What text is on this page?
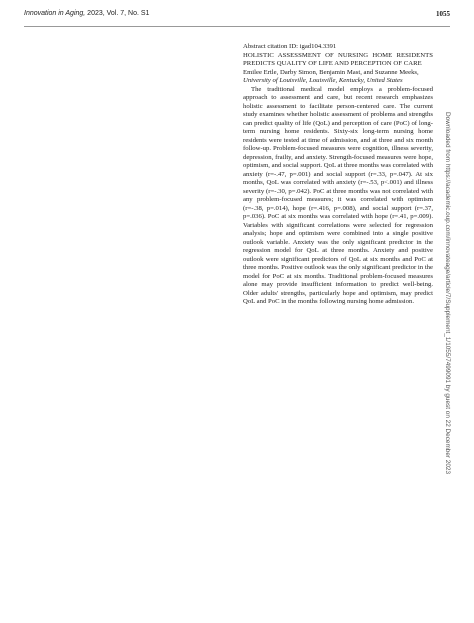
Innovation in Aging, 2023, Vol. 7, No. S1	1055

Abstract citation ID: igad104.3391

HOLISTIC ASSESSMENT OF NURSING HOME RESIDENTS PREDICTS QUALITY OF LIFE AND PERCEPTION OF CARE

Emilee Ertle, Darby Simon, Benjamin Mast, and Suzanne Meeks, University of Louisville, Louisville, Kentucky, United States

The traditional medical model employs a problem-focused approach to assessment and care, but recent research emphasizes holistic assessment to facilitate person-centered care. The current study examines whether holistic assessment of problems and strengths can predict quality of life (QoL) and perception of care (PoC) of long-term nursing home residents. Sixty-six long-term nursing home residents were tested at time of admission, and at three and six month follow-up. Problem-focused measures were cognition, illness severity, depression, frailty, and anxiety. Strength-focused measures were hope, optimism, and social support. QoL at three months was correlated with anxiety (r=-.47, p=.001) and social support (r=.33, p=.047). At six months, QoL was correlated with anxiety (r=-.53, p<.001) and illness severity (r=-.30, p=.042). PoC at three months was not correlated with any problem-focused measures; it was correlated with optimism (r=-.38, p=.014), hope (r=.416, p=.008), and social support (r=.37, p=.036). PoC at six months was correlated with hope (r=.41, p=.009). Variables with significant correlations were selected for regression analysis; hope and optimism were combined into a single positive outlook variable. Anxiety was the only significant predictor in the regression model for QoL at three months. Anxiety and positive outlook were significant predictors of QoL at six months and PoC at three months. Positive outlook was the only significant predictor in the model for PoC at six months. Traditional problem-focused measures alone may provide insufficient information to predict well-being. Older adults' strengths, particularly hope and optimism, may predict QoL and PoC in the months following nursing home admission.	Downloaded from https://academic.oup.com/innovateage/article/7/Supplement_1/1055/7499091 by guest on 22 December 2023
